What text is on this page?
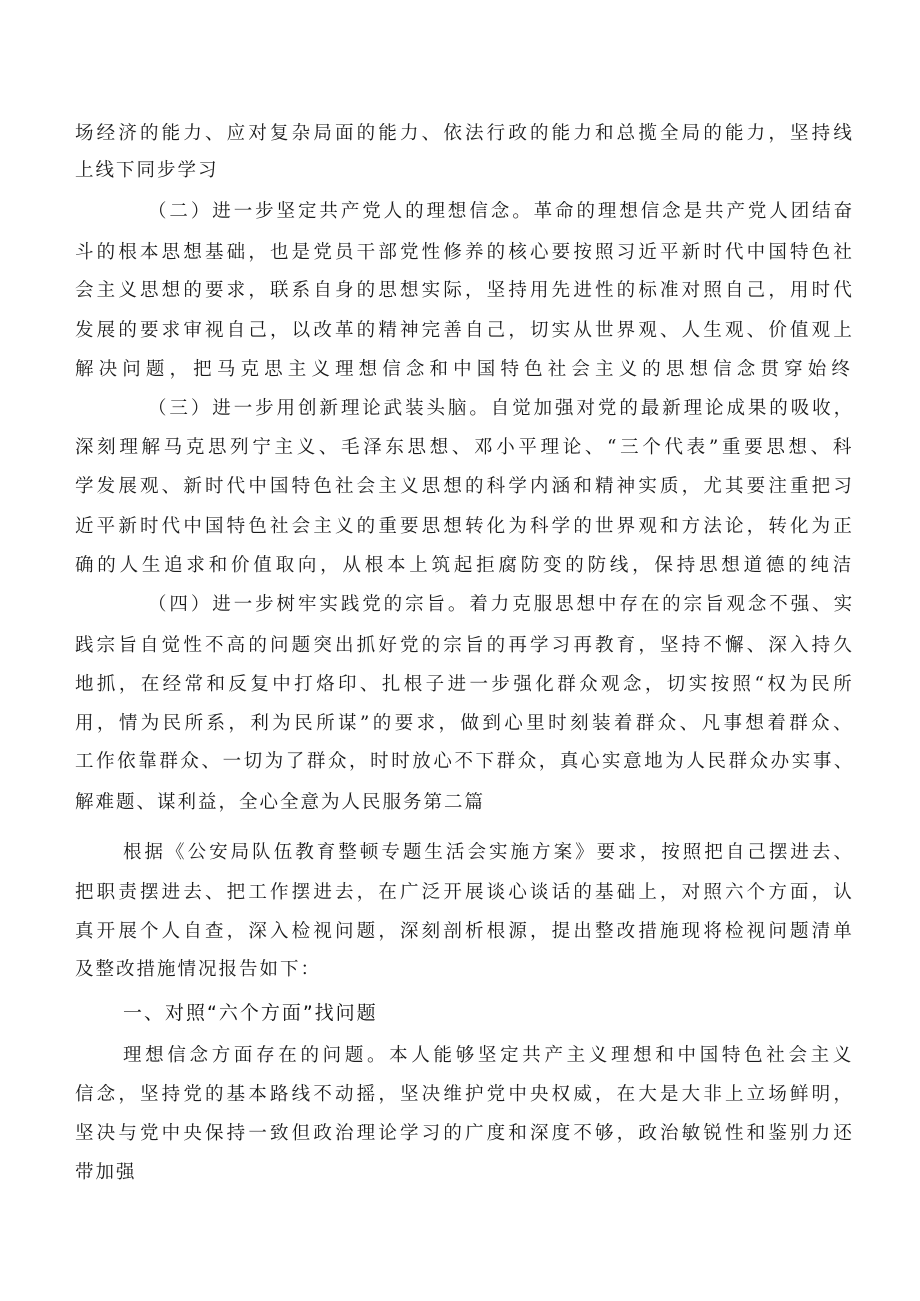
场经济的能力、应对复杂局面的能力、依法行政的能力和总揽全局的能力，坚持线
上线下同步学习
（二）进一步坚定共产党人的理想信念。革命的理想信念是共产党人团结奋
斗的根本思想基础，也是党员干部党性修养的核心要按照习近平新时代中国特色社
会主义思想的要求，联系自身的思想实际，坚持用先进性的标准对照自己，用时代
发展的要求审视自己，以改革的精神完善自己，切实从世界观、人生观、价值观上
解决问题，把马克思主义理想信念和中国特色社会主义的思想信念贯穿始终
（三）进一步用创新理论武装头脑。自觉加强对党的最新理论成果的吸收，
深刻理解马克思列宁主义、毛泽东思想、邓小平理论、“三个代表”重要思想、科
学发展观、新时代中国特色社会主义思想的科学内涵和精神实质，尤其要注重把习
近平新时代中国特色社会主义的重要思想转化为科学的世界观和方法论，转化为正
确的人生追求和价值取向，从根本上筑起拒腐防变的防线，保持思想道德的纯洁
（四）进一步树牢实践党的宗旨。着力克服思想中存在的宗旨观念不强、实
践宗旨自觉性不高的问题突出抓好党的宗旨的再学习再教育，坚持不懈、深入持久
地抓，在经常和反复中打烙印、扎根子进一步强化群众观念，切实按照“权为民所
用，情为民所系，利为民所谋”的要求，做到心里时刻装着群众、凡事想着群众、
工作依靠群众、一切为了群众，时时放心不下群众，真心实意地为人民群众办实事、
解难题、谋利益，全心全意为人民服务第二篇
根据《公安局队伍教育整顿专题生活会实施方案》要求，按照把自己摆进去、
把职责摆进去、把工作摆进去，在广泛开展谈心谈话的基础上，对照六个方面，认
真开展个人自查，深入检视问题，深刻剖析根源，提出整改措施现将检视问题清单
及整改措施情况报告如下：
一、对照“六个方面”找问题
理想信念方面存在的问题。本人能够坚定共产主义理想和中国特色社会主义
信念，坚持党的基本路线不动摇，坚决维护党中央权威，在大是大非上立场鲜明，
坚决与党中央保持一致但政治理论学习的广度和深度不够，政治敏锐性和鉴别力还
带加强
